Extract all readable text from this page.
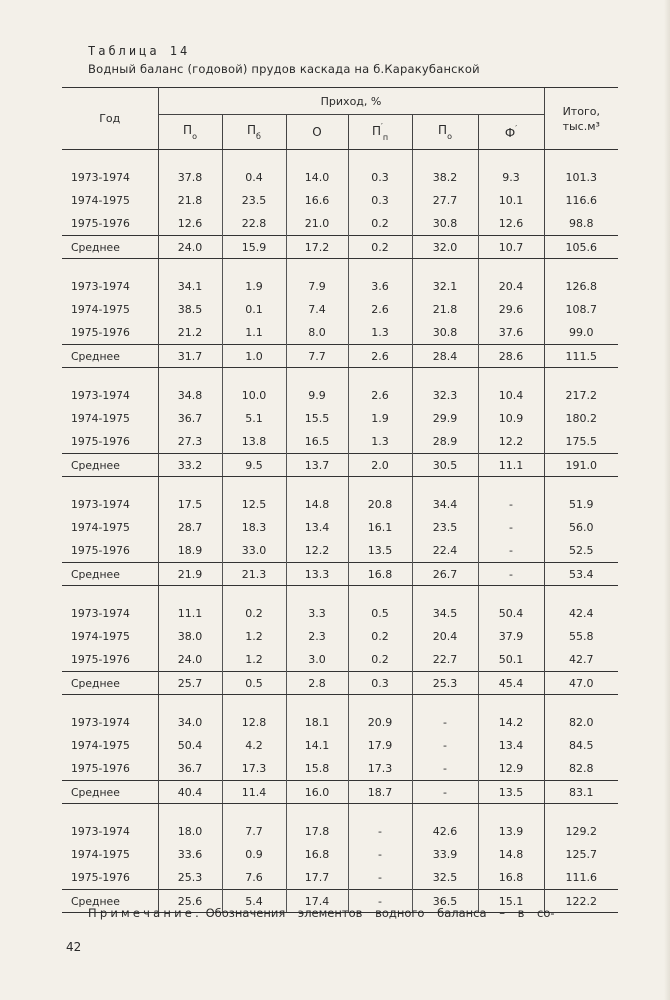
Таблица 14
Водный баланс (годовой) прудов каскада на б.Каракубанской
Год	Приход, %						Итого,
тыс.м³
	$П_о$	$П_б$	О	$П'_п$	$П_о$	Ф′

1973-1974	37.8	0.4	14.0	0.3	38.2	9.3	101.3
1974-1975	21.8	23.5	16.6	0.3	27.7	10.1	116.6
1975-1976	12.6	22.8	21.0	0.2	30.8	12.6	98.8
Среднее	24.0	15.9	17.2	0.2	32.0	10.7	105.6

1973-1974	34.1	1.9	7.9	3.6	32.1	20.4	126.8
1974-1975	38.5	0.1	7.4	2.6	21.8	29.6	108.7
1975-1976	21.2	1.1	8.0	1.3	30.8	37.6	99.0
Среднее	31.7	1.0	7.7	2.6	28.4	28.6	111.5

1973-1974	34.8	10.0	9.9	2.6	32.3	10.4	217.2
1974-1975	36.7	5.1	15.5	1.9	29.9	10.9	180.2
1975-1976	27.3	13.8	16.5	1.3	28.9	12.2	175.5
Среднее	33.2	9.5	13.7	2.0	30.5	11.1	191.0

1973-1974	17.5	12.5	14.8	20.8	34.4	-	51.9
1974-1975	28.7	18.3	13.4	16.1	23.5	-	56.0
1975-1976	18.9	33.0	12.2	13.5	22.4	-	52.5
Среднее	21.9	21.3	13.3	16.8	26.7	-	53.4

1973-1974	11.1	0.2	3.3	0.5	34.5	50.4	42.4
1974-1975	38.0	1.2	2.3	0.2	20.4	37.9	55.8
1975-1976	24.0	1.2	3.0	0.2	22.7	50.1	42.7
Среднее	25.7	0.5	2.8	0.3	25.3	45.4	47.0

1973-1974	34.0	12.8	18.1	20.9	-	14.2	82.0
1974-1975	50.4	4.2	14.1	17.9	-	13.4	84.5
1975-1976	36.7	17.3	15.8	17.3	-	12.9	82.8
Среднее	40.4	11.4	16.0	18.7	-	13.5	83.1

1973-1974	18.0	7.7	17.8	-	42.6	13.9	129.2
1974-1975	33.6	0.9	16.8	-	33.9	14.8	125.7
1975-1976	25.3	7.6	17.7	-	32.5	16.8	111.6
Среднее	25.6	5.4	17.4	-	36.5	15.1	122.2
Примечание. Обозначения элементов водного баланса – в со-
42
